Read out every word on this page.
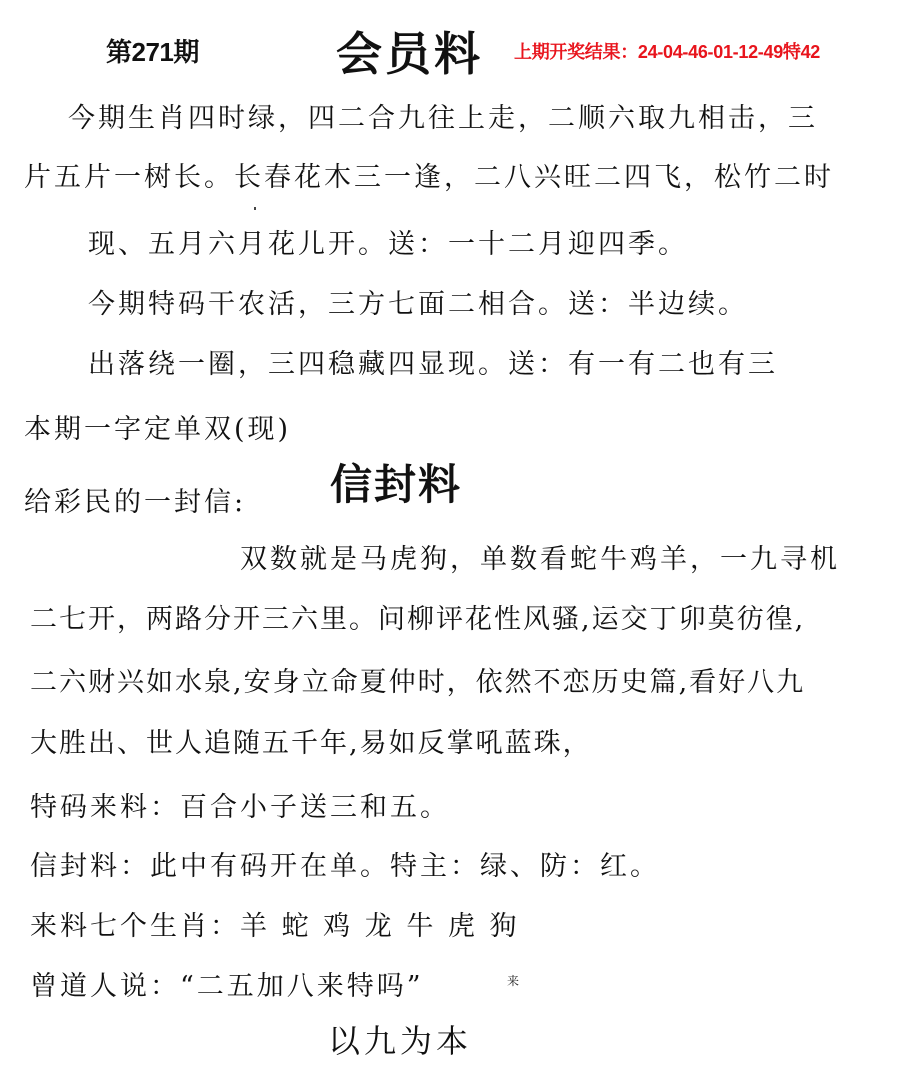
第271期	会员料 上期开奖结果：24-04-46-01-12-49特42
今期生肖四时绿，四二合九往上走，二顺六取九相击，三
片五片一树长。长春花木三一逢，二八兴旺二四飞，松竹二时
现、五月六月花儿开。送：一十二月迎四季。
今期特码干农活，三方七面二相合。送：半边续。
出落绕一圈，三四稳藏四显现。送：有一有二也有三
本期一字定单双(现)
给彩民的一封信: 信封料
双数就是马虎狗，单数看蛇牛鸡羊，一九寻机
二七开，两路分开三六里。问柳评花性风骚,运交丁卯莫彷徨,
二六财兴如水泉,安身立命夏仲时，依然不恋历史篇,看好八九
大胜出、世人追随五千年,易如反掌吼蓝珠，
特码来料：百合小子送三和五。
信封料：此中有码开在单。特主：绿、防：红。
来料七个生肖：羊 蛇 鸡 龙 牛 虎 狗
曾道人说：“二五加八来特吗”	来
以九为本
